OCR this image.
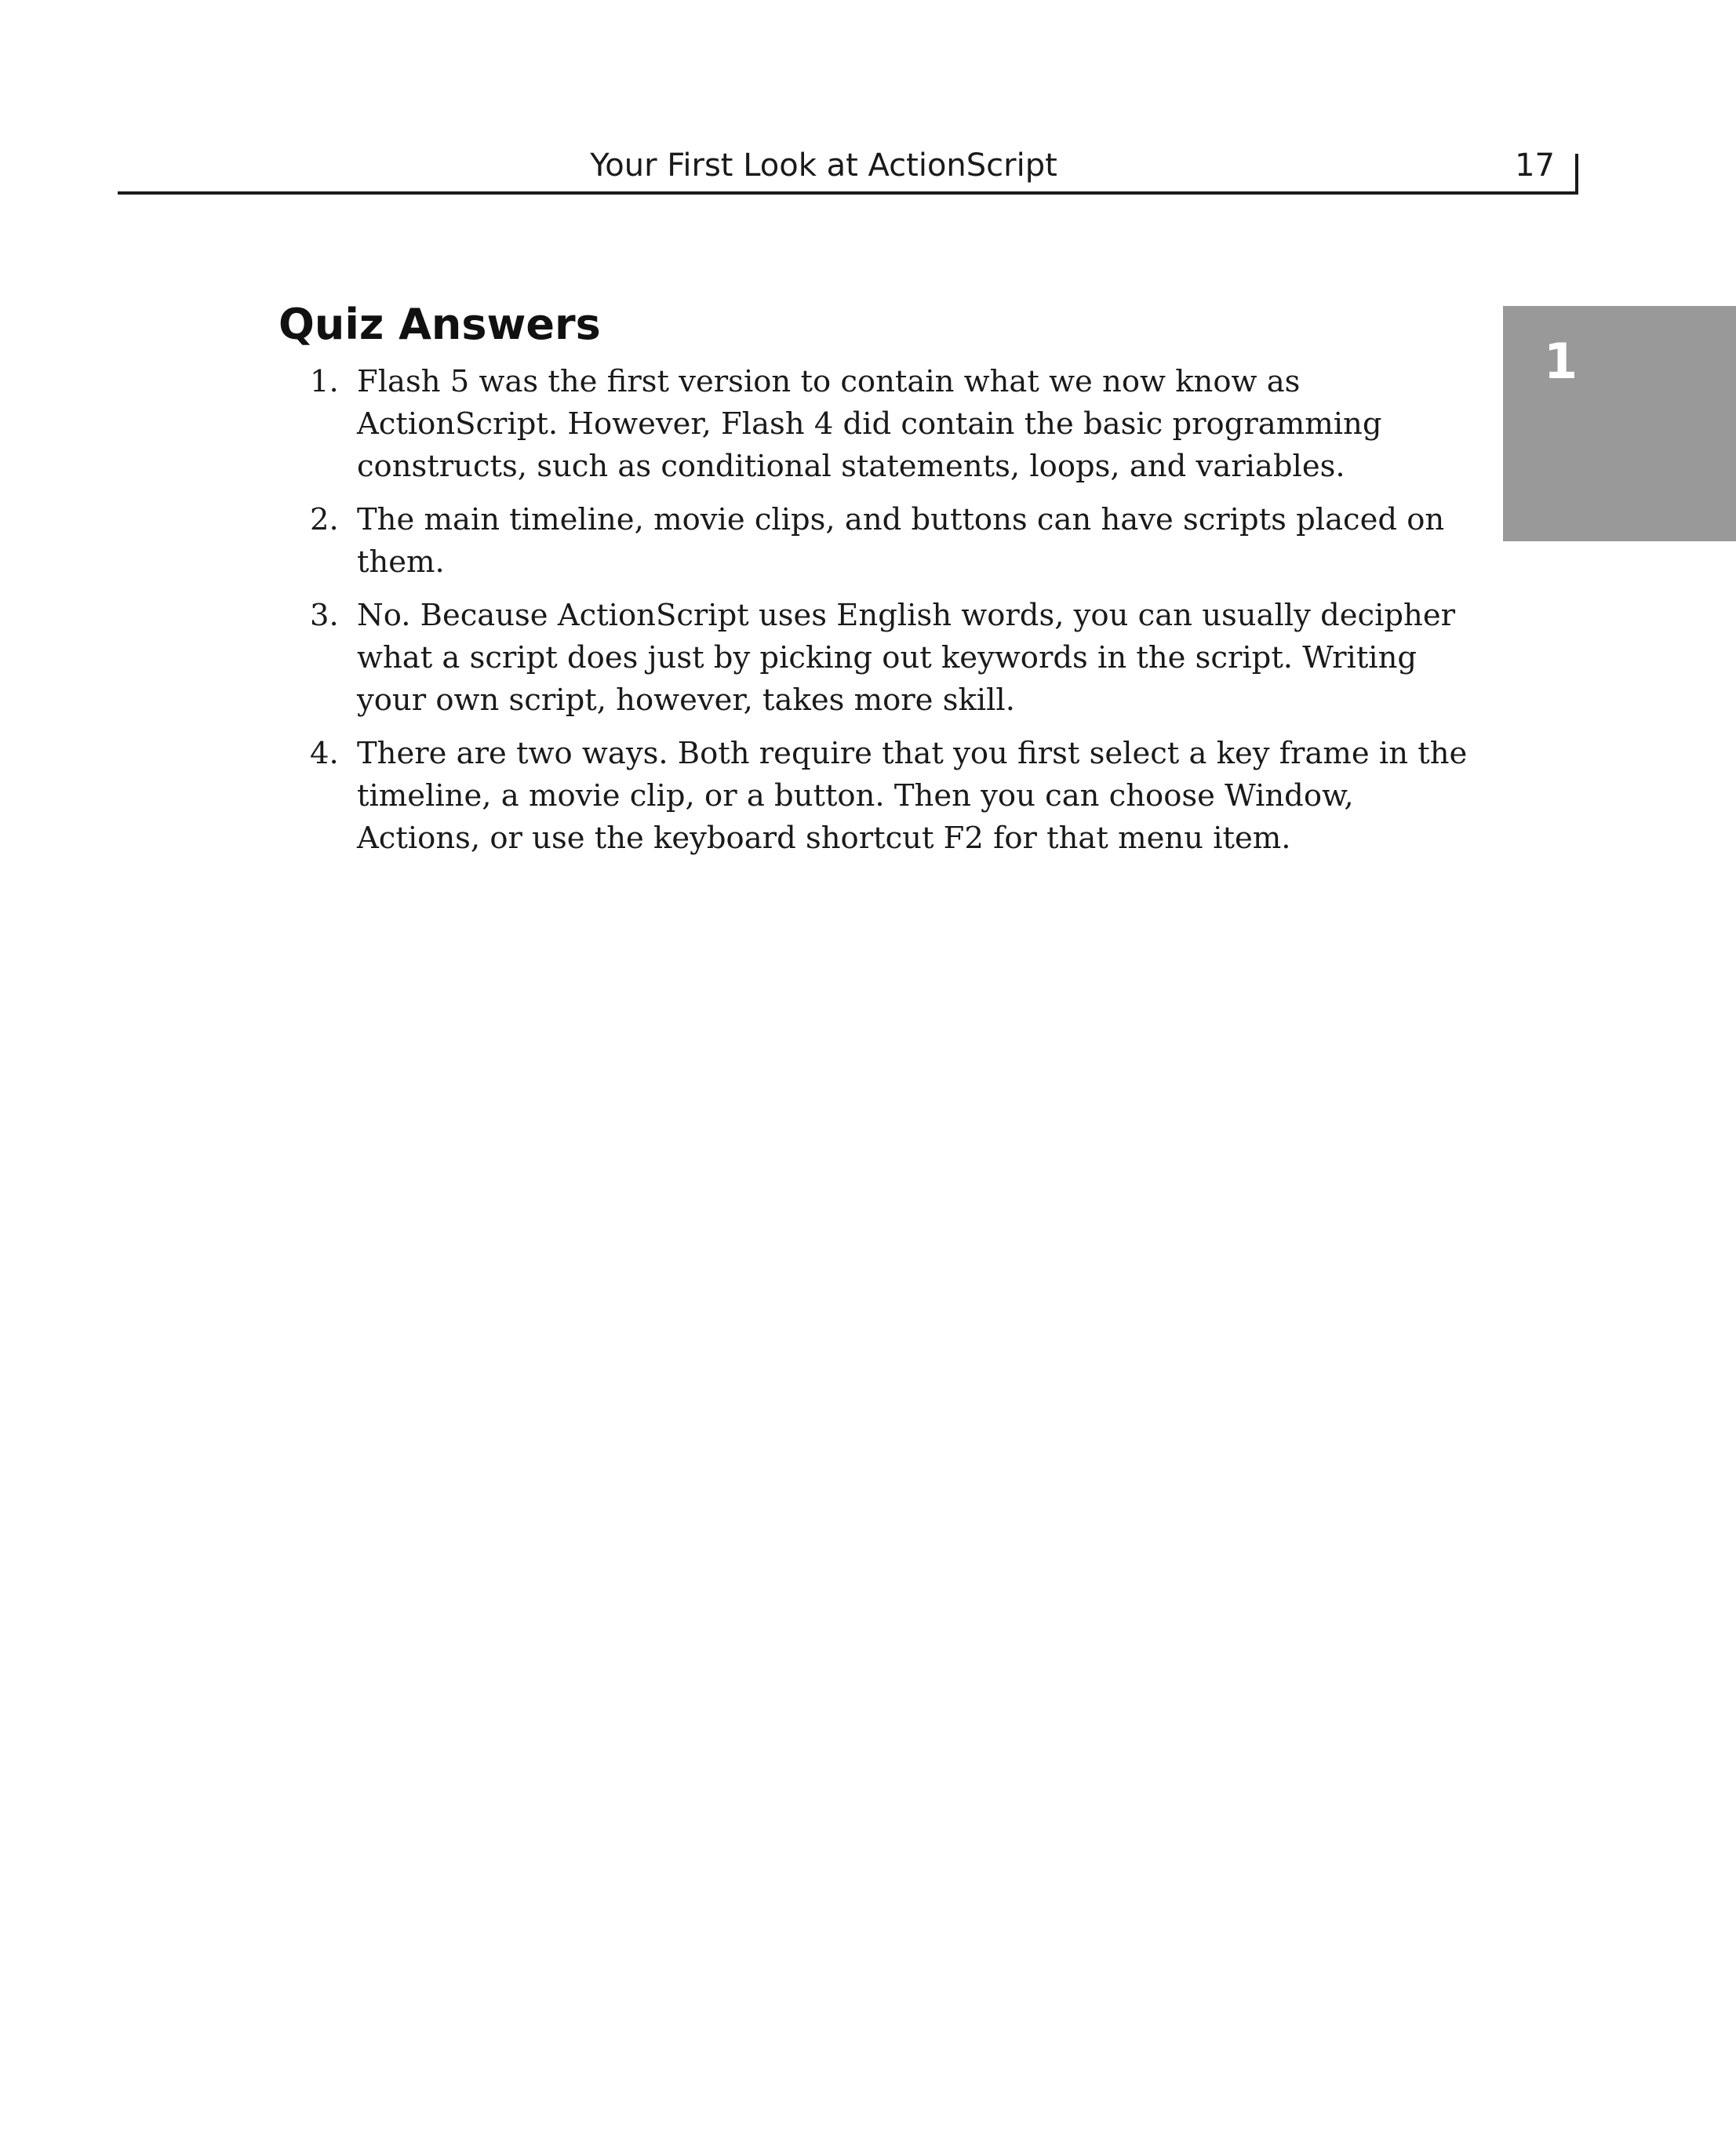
Your First Look at ActionScript	17
1
Quiz Answers
1. Flash 5 was the first version to contain what we now know as ActionScript. However, Flash 4 did contain the basic programming constructs, such as conditional statements, loops, and variables.
2. The main timeline, movie clips, and buttons can have scripts placed on them.
3. No. Because ActionScript uses English words, you can usually decipher what a script does just by picking out keywords in the script. Writing your own script, however, takes more skill.
4. There are two ways. Both require that you first select a key frame in the timeline, a movie clip, or a button. Then you can choose Window, Actions, or use the keyboard shortcut F2 for that menu item.
